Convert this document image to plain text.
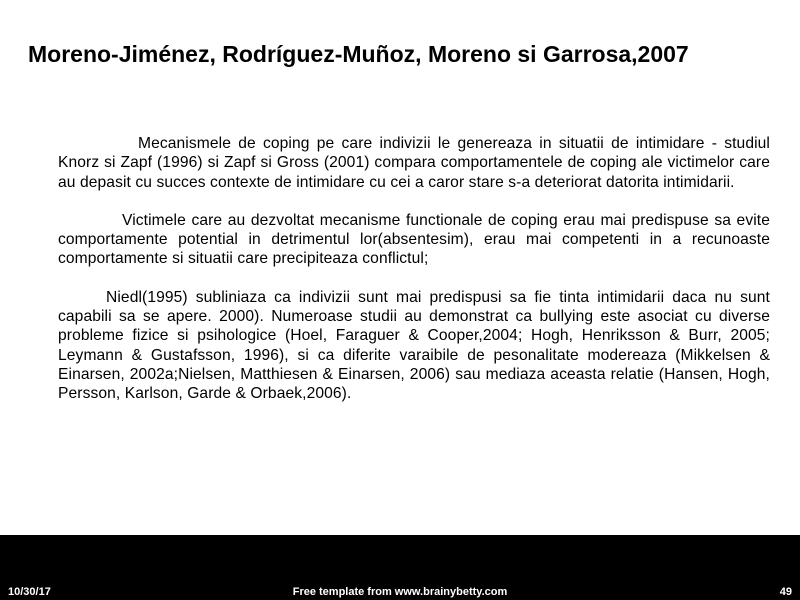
Moreno-Jiménez, Rodríguez-Muñoz, Moreno si Garrosa,2007

Mecanismele de coping pe care indivizii le genereaza in situatii de intimidare - studiul Knorz si Zapf (1996) si Zapf si Gross (2001) compara comportamentele de coping ale victimelor care au depasit cu succes contexte de intimidare cu cei a caror stare s-a deteriorat datorita intimidarii.

Victimele care au dezvoltat mecanisme functionale de coping erau mai predispuse sa evite comportamente potential in detrimentul lor(absentesim), erau mai competenti in a recunoaste comportamente si situatii care precipiteaza conflictul;

Niedl(1995) subliniaza ca indivizii sunt mai predispusi sa fie tinta intimidarii daca nu sunt capabili sa se apere. 2000). Numeroase studii au demonstrat ca bullying este asociat cu diverse probleme fizice si psihologice (Hoel, Faraguer & Cooper,2004; Hogh, Henriksson & Burr, 2005; Leymann & Gustafsson, 1996), si ca diferite varaibile de pesonalitate modereaza (Mikkelsen & Einarsen, 2002a;Nielsen, Matthiesen & Einarsen, 2006) sau mediaza aceasta relatie (Hansen, Hogh, Persson, Karlson, Garde & Orbaek,2006).

10/30/17	Free template from www.brainybetty.com	49
